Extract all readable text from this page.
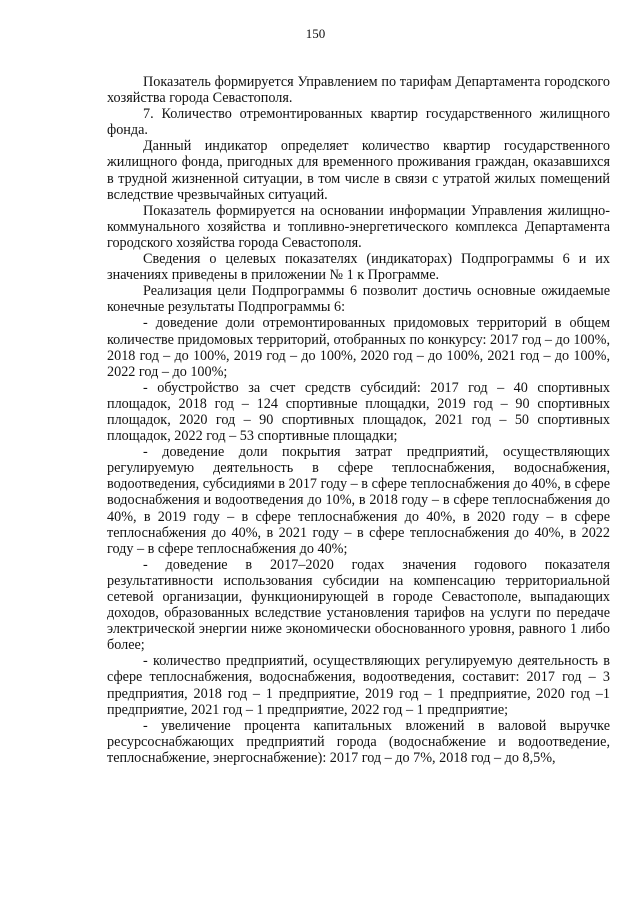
150

Показатель формируется Управлением по тарифам Департамента городского хозяйства города Севастополя.

7. Количество отремонтированных квартир государственного жилищного фонда.

Данный индикатор определяет количество квартир государственного жилищного фонда, пригодных для временного проживания граждан, оказавшихся в трудной жизненной ситуации, в том числе в связи с утратой жилых помещений вследствие чрезвычайных ситуаций.

Показатель формируется на основании информации Управления жилищно-коммунального хозяйства и топливно-энергетического комплекса Департамента городского хозяйства города Севастополя.

Сведения о целевых показателях (индикаторах) Подпрограммы 6 и их значениях приведены в приложении № 1 к Программе.

Реализация цели Подпрограммы 6 позволит достичь основные ожидаемые конечные результаты Подпрограммы 6:

- доведение доли отремонтированных придомовых территорий в общем количестве придомовых территорий, отобранных по конкурсу: 2017 год – до 100%, 2018 год – до 100%, 2019 год – до 100%, 2020 год – до 100%, 2021 год – до 100%, 2022 год – до 100%;

- обустройство за счет средств субсидий: 2017 год – 40 спортивных площадок, 2018 год – 124 спортивные площадки, 2019 год – 90 спортивных площадок, 2020 год – 90 спортивных площадок, 2021 год – 50 спортивных площадок, 2022 год – 53 спортивные площадки;

- доведение доли покрытия затрат предприятий, осуществляющих регулируемую деятельность в сфере теплоснабжения, водоснабжения, водоотведения, субсидиями в 2017 году – в сфере теплоснабжения до 40%, в сфере водоснабжения и водоотведения до 10%, в 2018 году – в сфере теплоснабжения до 40%, в 2019 году – в сфере теплоснабжения до 40%, в 2020 году – в сфере теплоснабжения до 40%, в 2021 году – в сфере теплоснабжения до 40%, в 2022 году – в сфере теплоснабжения до 40%;

- доведение в 2017–2020 годах значения годового показателя результативности использования субсидии на компенсацию территориальной сетевой организации, функционирующей в городе Севастополе, выпадающих доходов, образованных вследствие установления тарифов на услуги по передаче электрической энергии ниже экономически обоснованного уровня, равного 1 либо более;

- количество предприятий, осуществляющих регулируемую деятельность в сфере теплоснабжения, водоснабжения, водоотведения, составит: 2017 год – 3 предприятия, 2018 год – 1 предприятие, 2019 год – 1 предприятие, 2020 год –1 предприятие, 2021 год – 1 предприятие, 2022 год – 1 предприятие;

- увеличение процента капитальных вложений в валовой выручке ресурсоснабжающих предприятий города (водоснабжение и водоотведение, теплоснабжение, энергоснабжение): 2017 год – до 7%, 2018 год – до 8,5%,
